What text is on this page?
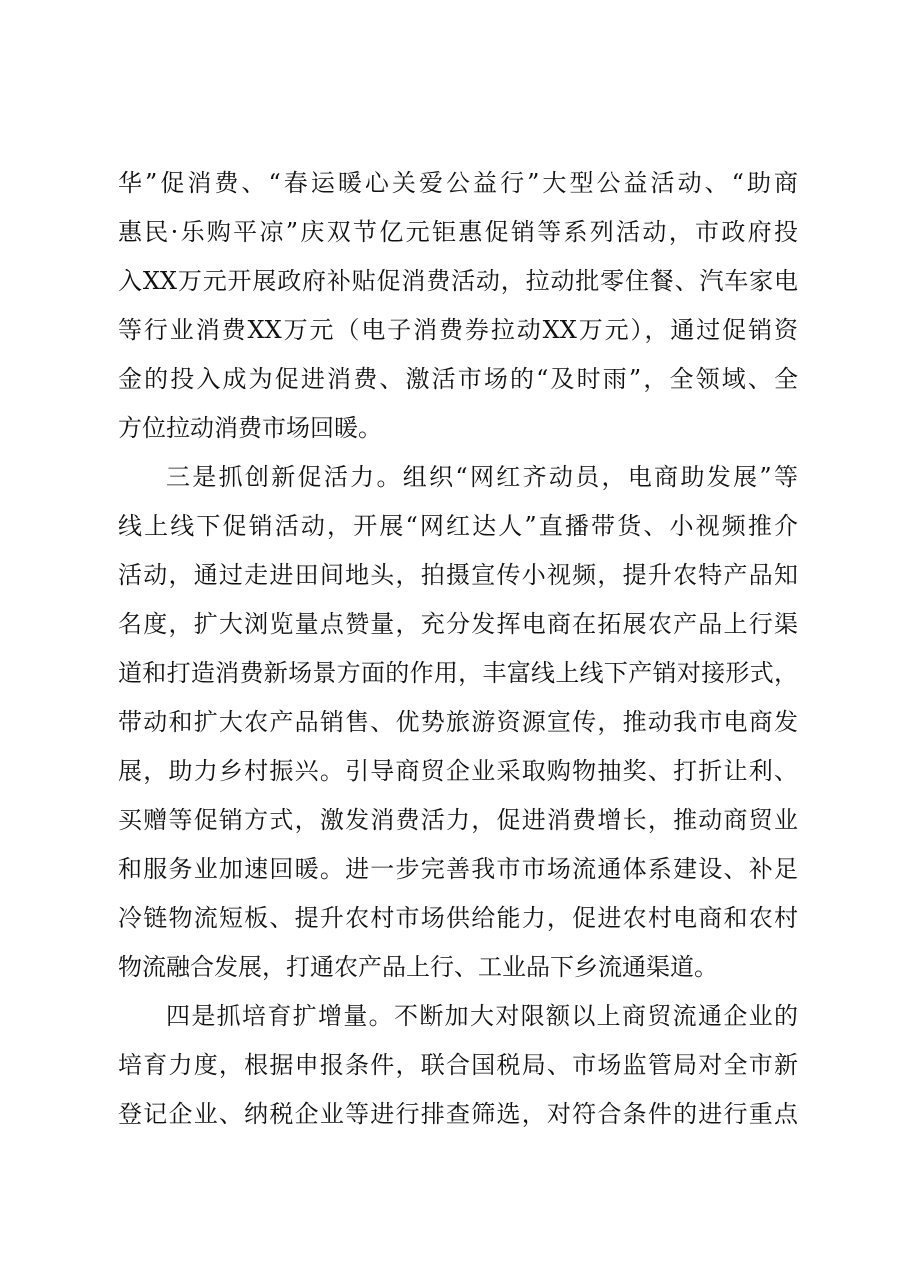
华”促消费、“春运暖心关爱公益行”大型公益活动、“助商
惠民·乐购平凉”庆双节亿元钜惠促销等系列活动，市政府投
入XX万元开展政府补贴促消费活动，拉动批零住餐、汽车家电
等行业消费XX万元（电子消费券拉动XX万元），通过促销资
金的投入成为促进消费、激活市场的“及时雨”，全领域、全
方位拉动消费市场回暖。
三是抓创新促活力。组织“网红齐动员，电商助发展”等
线上线下促销活动，开展“网红达人”直播带货、小视频推介
活动，通过走进田间地头，拍摄宣传小视频，提升农特产品知
名度，扩大浏览量点赞量，充分发挥电商在拓展农产品上行渠
道和打造消费新场景方面的作用，丰富线上线下产销对接形式，
带动和扩大农产品销售、优势旅游资源宣传，推动我市电商发
展，助力乡村振兴。引导商贸企业采取购物抽奖、打折让利、
买赠等促销方式，激发消费活力，促进消费增长，推动商贸业
和服务业加速回暖。进一步完善我市市场流通体系建设、补足
冷链物流短板、提升农村市场供给能力，促进农村电商和农村
物流融合发展，打通农产品上行、工业品下乡流通渠道。
四是抓培育扩增量。不断加大对限额以上商贸流通企业的
培育力度，根据申报条件，联合国税局、市场监管局对全市新
登记企业、纳税企业等进行排查筛选，对符合条件的进行重点
